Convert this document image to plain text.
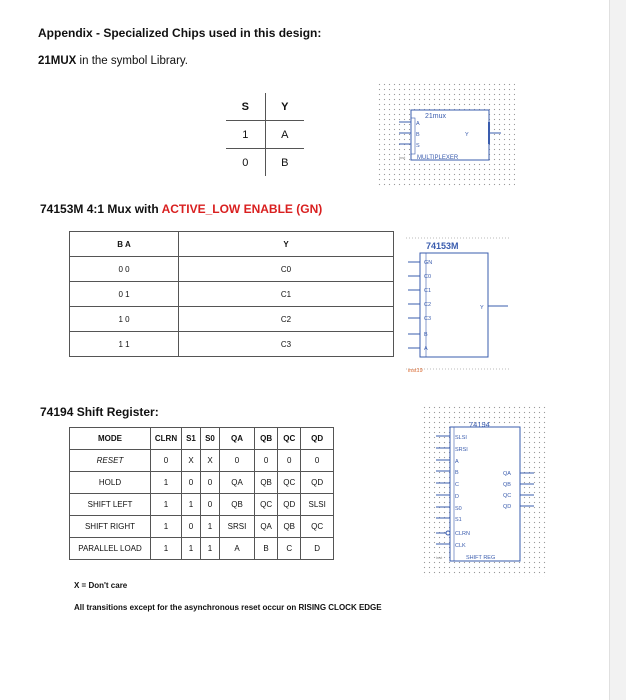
Appendix - Specialized Chips used in this design:
21MUX in the symbol Library.
S	Y
1	A
0	B
21mux
A
B
S
Y
MULTIPLEXER
inst
74153M 4:1 Mux with ACTIVE_LOW ENABLE (GN)
B A	Y
0 0	C0
0 1	C1
1 0	C2
1 1	C3
74153M
GN
C0
C1
C2
C3
B
A
Y
inst19
74194 Shift Register:
MODE	CLRN	S1	S0	QA	QB	QC	QD
RESET	0	X	X	0	0	0	0
HOLD	1	0	0	QA	QB	QC	QD
SHIFT LEFT	1	1	0	QB	QC	QD	SLSI
SHIFT RIGHT	1	0	1	SRSI	QA	QB	QC
PARALLEL LOAD	1	1	1	A	B	C	D
74194
SLSI
SRSI
A
B
C
D
S0
S1
CLRN
CLK
QA
QB
QC
QD
SHIFT REG
inst
X = Don't care
All transitions except for the asynchronous reset occur on RISING CLOCK EDGE
